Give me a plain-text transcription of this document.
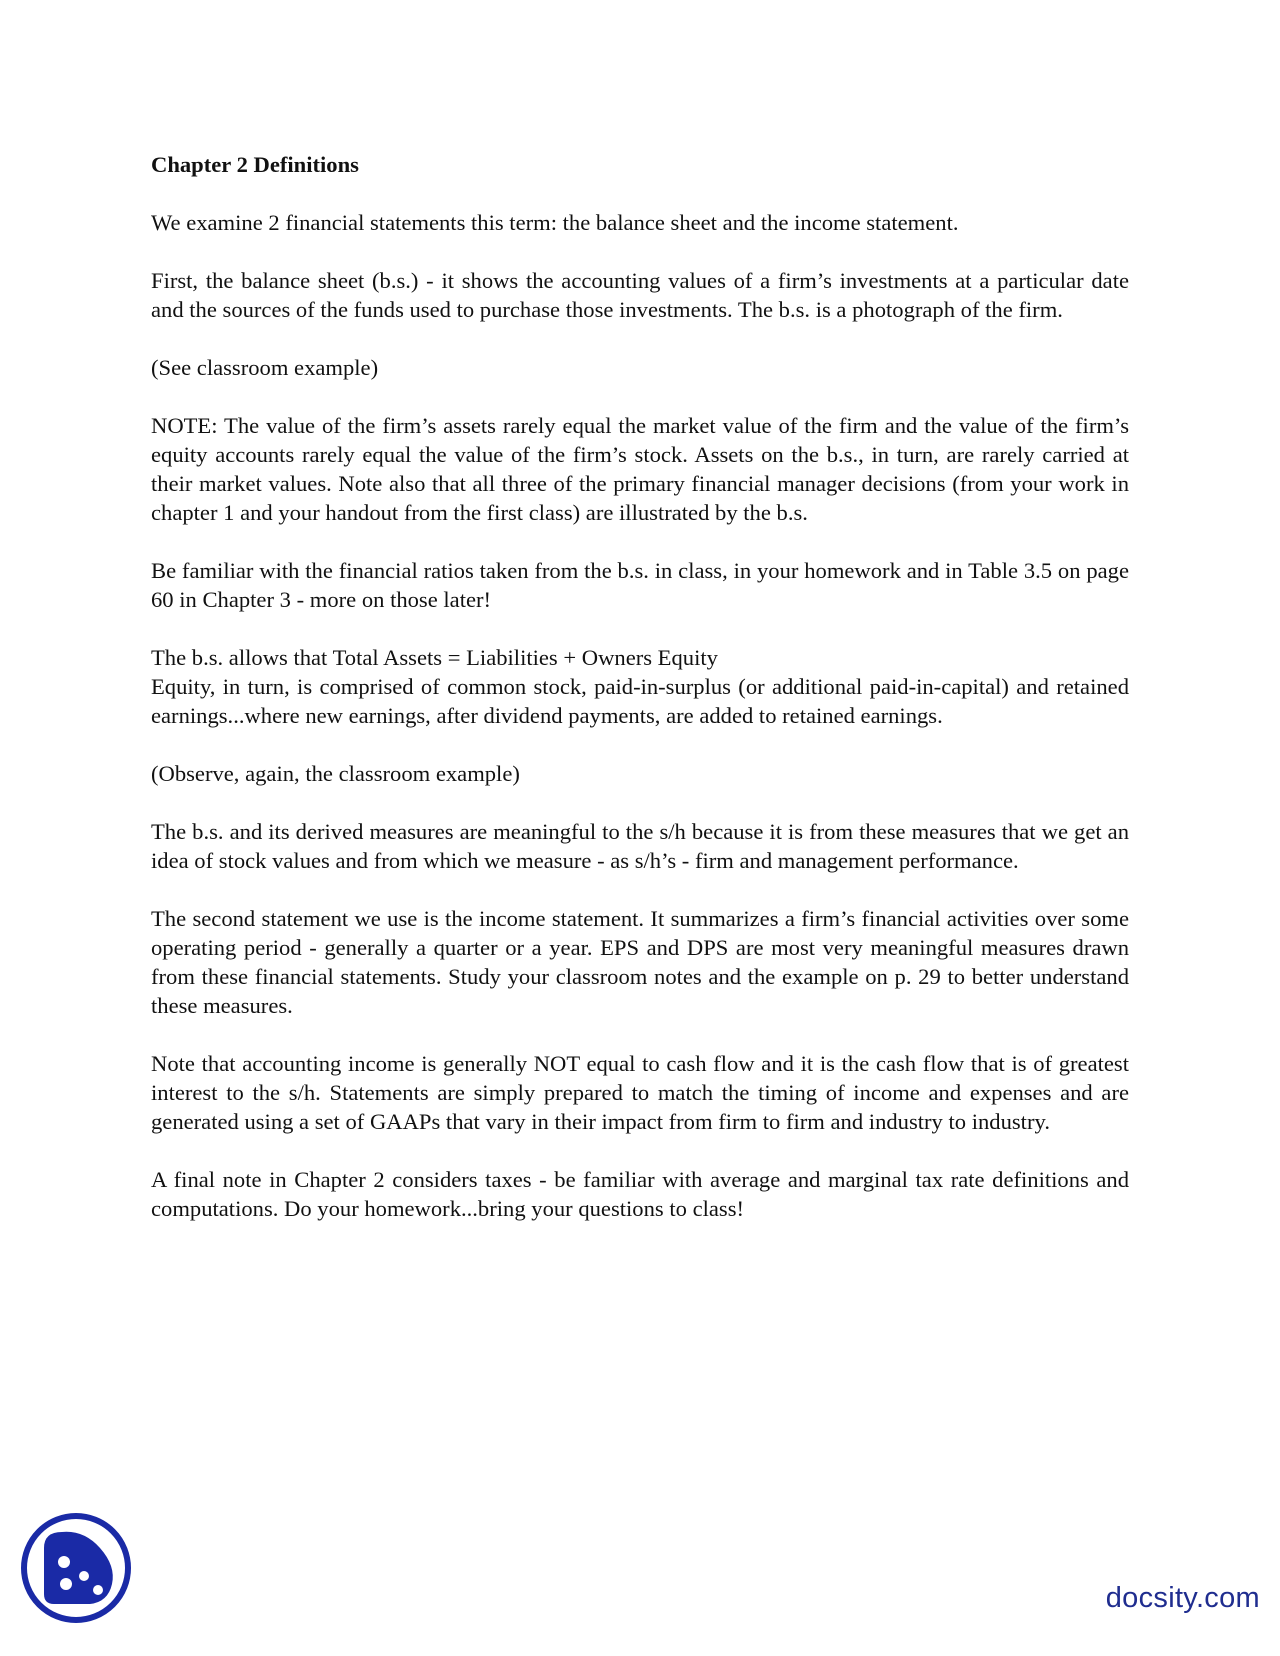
Chapter 2 Definitions
We examine 2 financial statements this term: the balance sheet and the income statement.
First, the balance sheet (b.s.) - it shows the accounting values of a firm’s investments at a particular date and the sources of the funds used to purchase those investments. The b.s. is a photograph of the firm.
(See classroom example)
NOTE: The value of the firm’s assets rarely equal the market value of the firm and the value of the firm’s equity accounts rarely equal the value of the firm’s stock. Assets on the b.s., in turn, are rarely carried at their market values. Note also that all three of the primary financial manager decisions (from your work in chapter 1 and your handout from the first class) are illustrated by the b.s.
Be familiar with the financial ratios taken from the b.s. in class, in your homework and in Table 3.5 on page 60 in Chapter 3 - more on those later!
The b.s. allows that Total Assets = Liabilities + Owners Equity
Equity, in turn, is comprised of common stock, paid-in-surplus (or additional paid-in-capital) and retained earnings...where new earnings, after dividend payments, are added to retained earnings.
(Observe, again, the classroom example)
The b.s. and its derived measures are meaningful to the s/h because it is from these measures that we get an idea of stock values and from which we measure - as s/h’s - firm and management performance.
The second statement we use is the income statement. It summarizes a firm’s financial activities over some operating period - generally a quarter or a year. EPS and DPS are most very meaningful measures drawn from these financial statements. Study your classroom notes and the example on p. 29 to better understand these measures.
Note that accounting income is generally NOT equal to cash flow and it is the cash flow that is of greatest interest to the s/h. Statements are simply prepared to match the timing of income and expenses and are generated using a set of GAAPs that vary in their impact from firm to firm and industry to industry.
A final note in Chapter 2 considers taxes - be familiar with average and marginal tax rate definitions and computations. Do your homework...bring your questions to class!
docsity.com
